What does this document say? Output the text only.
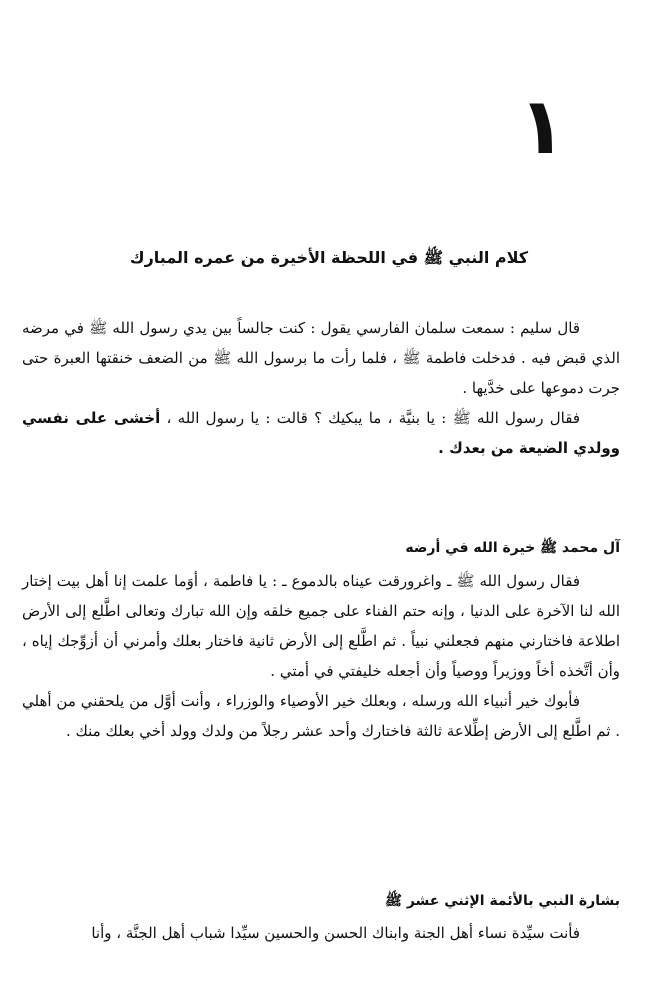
١
كلام النبي ﷺ في اللحظة الأخيرة من عمره المبارك

قال سليم : سمعت سلمان الفارسي يقول : كنت جالساً بين يدي رسول الله ﷺ في مرضه الذي قبض فيه . فدخلت فاطمة ﷺ ، فلما رأت ما برسول الله ﷺ من الضعف خنقتها العبرة حتى جرت دموعها على خدَّيها .

فقال رسول الله ﷺ : يا بنيَّة ، ما يبكيك ؟ قالت : يا رسول الله ، أخشى على نفسي وولدي الضيعة من بعدك .

آل محمد ﷺ خيرة الله في أرضه

فقال رسول الله ﷺ ـ واغرورقت عيناه بالدموع ـ : يا فاطمة ، أوَما علمت إنا أهل بيت إختار الله لنا الآخرة على الدنيا ، وإنه حتم الفناء على جميع خلقه وإن الله تبارك وتعالى اطَّلع إلى الأرض اطلاعة فاختارني منهم فجعلني نبياً . ثم اطَّلع إلى الأرض ثانية فاختار بعلك وأمرني أن أزوِّجك إياه ، وأن أتَّخذه أخاً ووزيراً ووصياً وأن أجعله خليفتي في أمتي .

فأبوك خير أنبياء الله ورسله ، وبعلك خير الأوصياء والوزراء ، وأنت أوَّل من يلحقني من أهلي . ثم اطَّلع إلى الأرض إطِّلاعة ثالثة فاختارك وأحد عشر رجلاً من ولدك وولد أخي بعلك منك .

بشارة النبي بالأئمة الإثني عشر ﷺ

فأنت سيِّدة نساء أهل الجنة وابناك الحسن والحسين سيِّدا شباب أهل الجنَّة ، وأنا
